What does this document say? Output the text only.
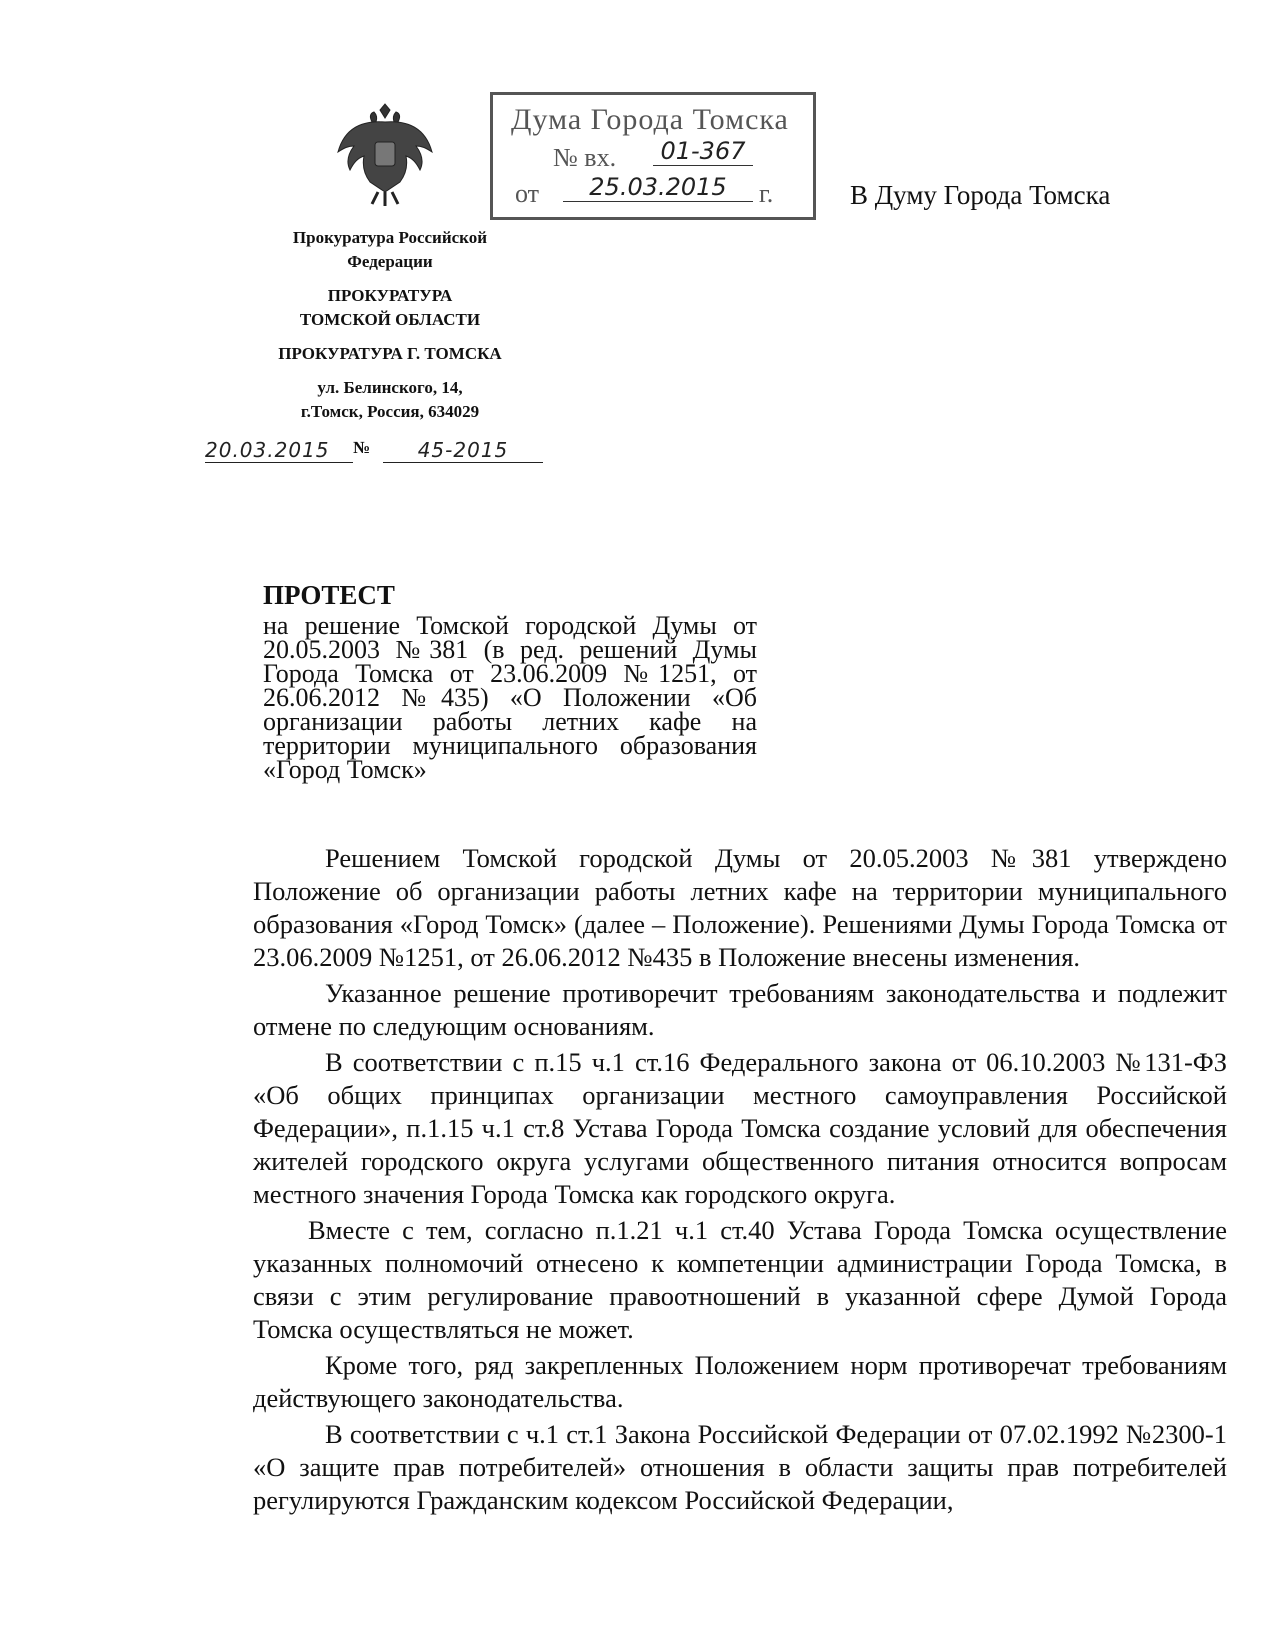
Дума Города Томска
№ вх.	01-367
от	25.03.2015	г.	В Думу Города Томска
Прокуратура Российской
Федерации
ПРОКУРАТУРА
ТОМСКОЙ ОБЛАСТИ
ПРОКУРАТУРА Г. ТОМСКА
ул. Белинского, 14,
г.Томск, Россия, 634029
20.03.2015	№	45-2015
ПРОТЕСТ
на решение Томской городской Думы от 20.05.2003 №381 (в ред. решений Думы Города Томска от 23.06.2009 №1251, от 26.06.2012 №435) «О Положении «Об организации работы летних кафе на территории муниципального образования «Город Томск»

Решением Томской городской Думы от 20.05.2003 №381 утверждено Положение об организации работы летних кафе на территории муниципального образования «Город Томск» (далее – Положение). Решениями Думы Города Томска от 23.06.2009 №1251, от 26.06.2012 №435 в Положение внесены изменения.

Указанное решение противоречит требованиям законодательства и подлежит отмене по следующим основаниям.

В соответствии с п.15 ч.1 ст.16 Федерального закона от 06.10.2003 №131-ФЗ «Об общих принципах организации местного самоуправления Российской Федерации», п.1.15 ч.1 ст.8 Устава Города Томска создание условий для обеспечения жителей городского округа услугами общественного питания относится вопросам местного значения Города Томска как городского округа.

Вместе с тем, согласно п.1.21 ч.1 ст.40 Устава Города Томска осуществление указанных полномочий отнесено к компетенции администрации Города Томска, в связи с этим регулирование правоотношений в указанной сфере Думой Города Томска осуществляться не может.

Кроме того, ряд закрепленных Положением норм противоречат требованиям действующего законодательства.

В соответствии с ч.1 ст.1 Закона Российской Федерации от 07.02.1992 №2300-1 «О защите прав потребителей» отношения в области защиты прав потребителей регулируются Гражданским кодексом Российской Федерации,
